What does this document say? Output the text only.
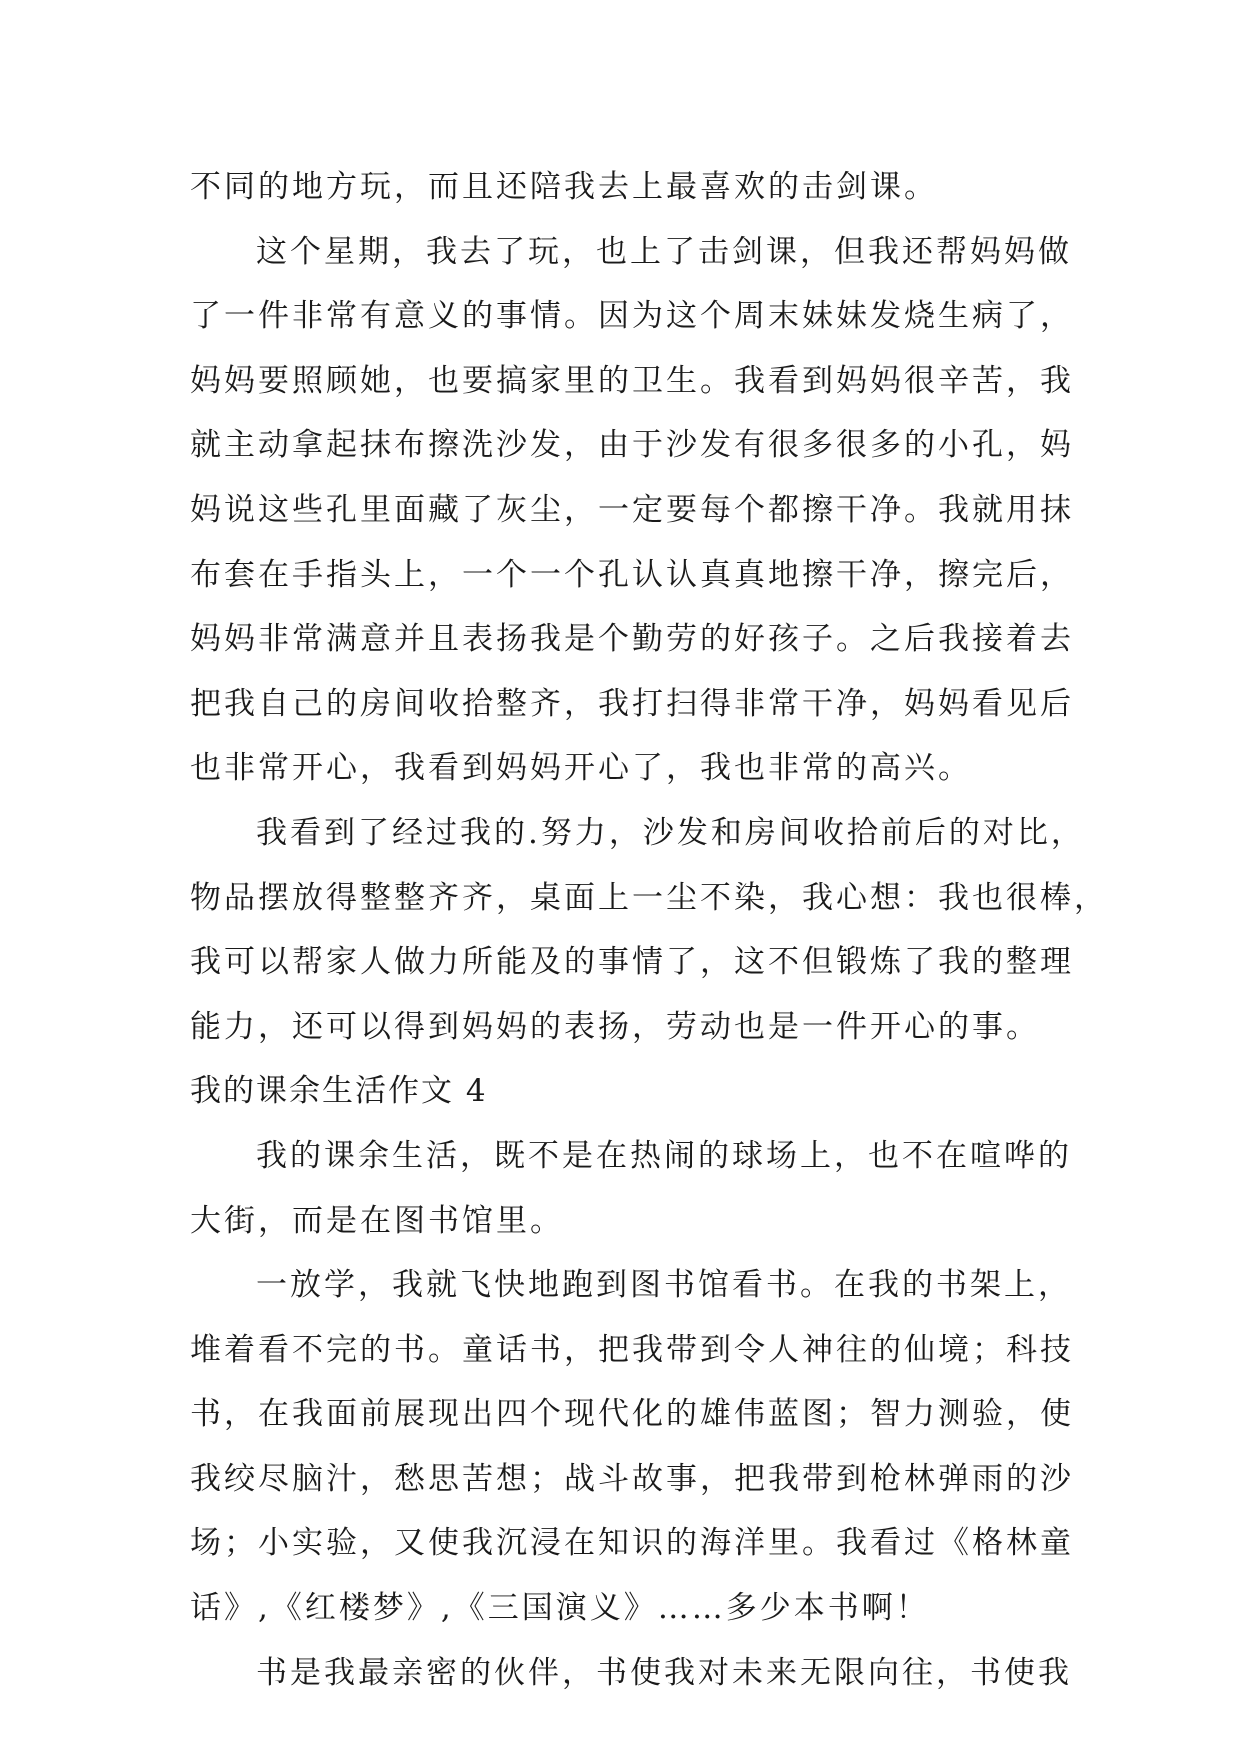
不同的地方玩，而且还陪我去上最喜欢的击剑课。
这个星期，我去了玩，也上了击剑课，但我还帮妈妈做
了一件非常有意义的事情。因为这个周末妹妹发烧生病了，
妈妈要照顾她，也要搞家里的卫生。我看到妈妈很辛苦，我
就主动拿起抹布擦洗沙发，由于沙发有很多很多的小孔，妈
妈说这些孔里面藏了灰尘，一定要每个都擦干净。我就用抹
布套在手指头上，一个一个孔认认真真地擦干净，擦完后，
妈妈非常满意并且表扬我是个勤劳的好孩子。之后我接着去
把我自己的房间收拾整齐，我打扫得非常干净，妈妈看见后
也非常开心，我看到妈妈开心了，我也非常的高兴。
我看到了经过我的.努力，沙发和房间收拾前后的对比，
物品摆放得整整齐齐，桌面上一尘不染，我心想：我也很棒，
我可以帮家人做力所能及的事情了，这不但锻炼了我的整理
能力，还可以得到妈妈的表扬，劳动也是一件开心的事。
我的课余生活作文 4
我的课余生活，既不是在热闹的球场上，也不在喧哗的
大街，而是在图书馆里。
一放学，我就飞快地跑到图书馆看书。在我的书架上，
堆着看不完的书。童话书，把我带到令人神往的仙境；科技
书，在我面前展现出四个现代化的雄伟蓝图；智力测验，使
我绞尽脑汁，愁思苦想；战斗故事，把我带到枪林弹雨的沙
场；小实验，又使我沉浸在知识的海洋里。我看过《格林童
话》,《红楼梦》,《三国演义》……多少本书啊！
书是我最亲密的伙伴，书使我对未来无限向往，书使我
